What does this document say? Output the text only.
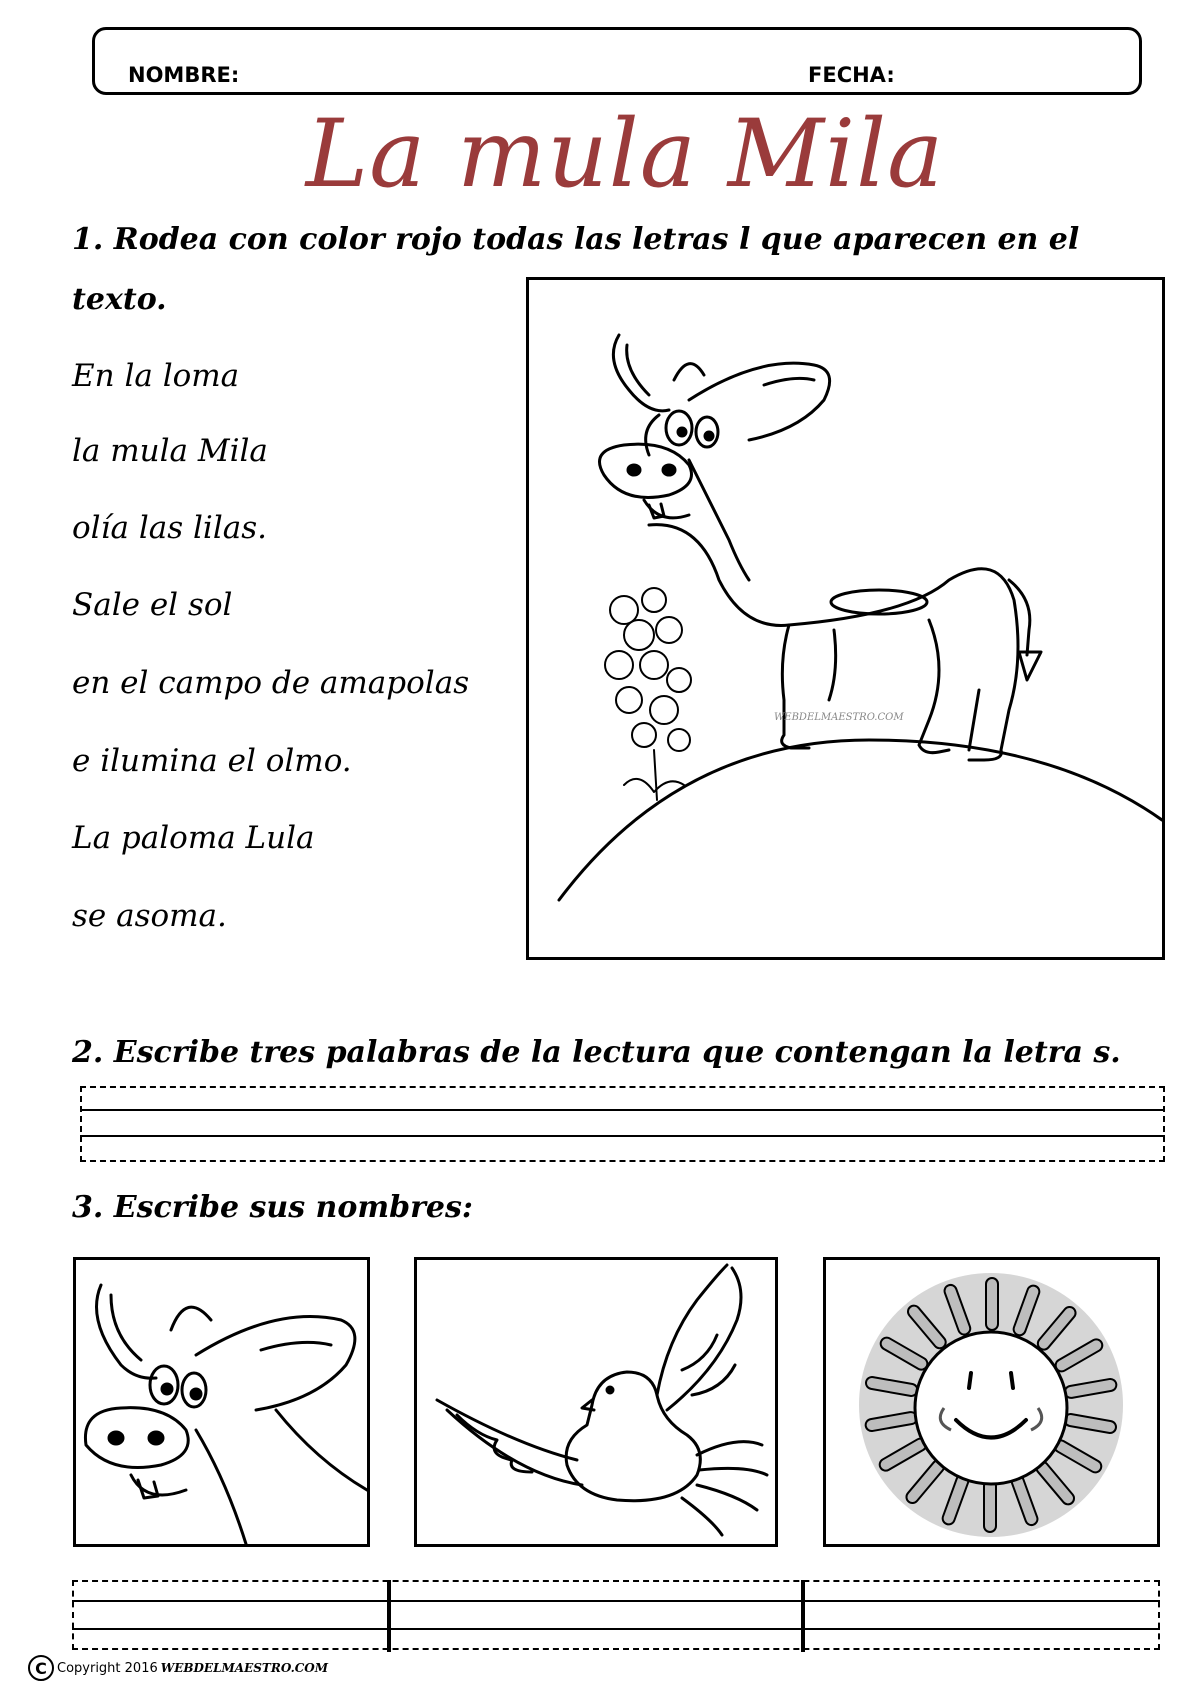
NOMBRE:	FECHA:
La mula Mila
1. Rodea con color rojo todas las letras l que aparecen en el
texto.
En la loma
la mula Mila
olía las lilas.
Sale el sol
en el campo de amapolas
e ilumina el olmo.
La paloma Lula
se asoma.
WEBDELMAESTRO.COM
2. Escribe tres palabras de la lectura que contengan la letra s.
3. Escribe sus nombres:
C Copyright 2016 WEBDELMAESTRO.COM
